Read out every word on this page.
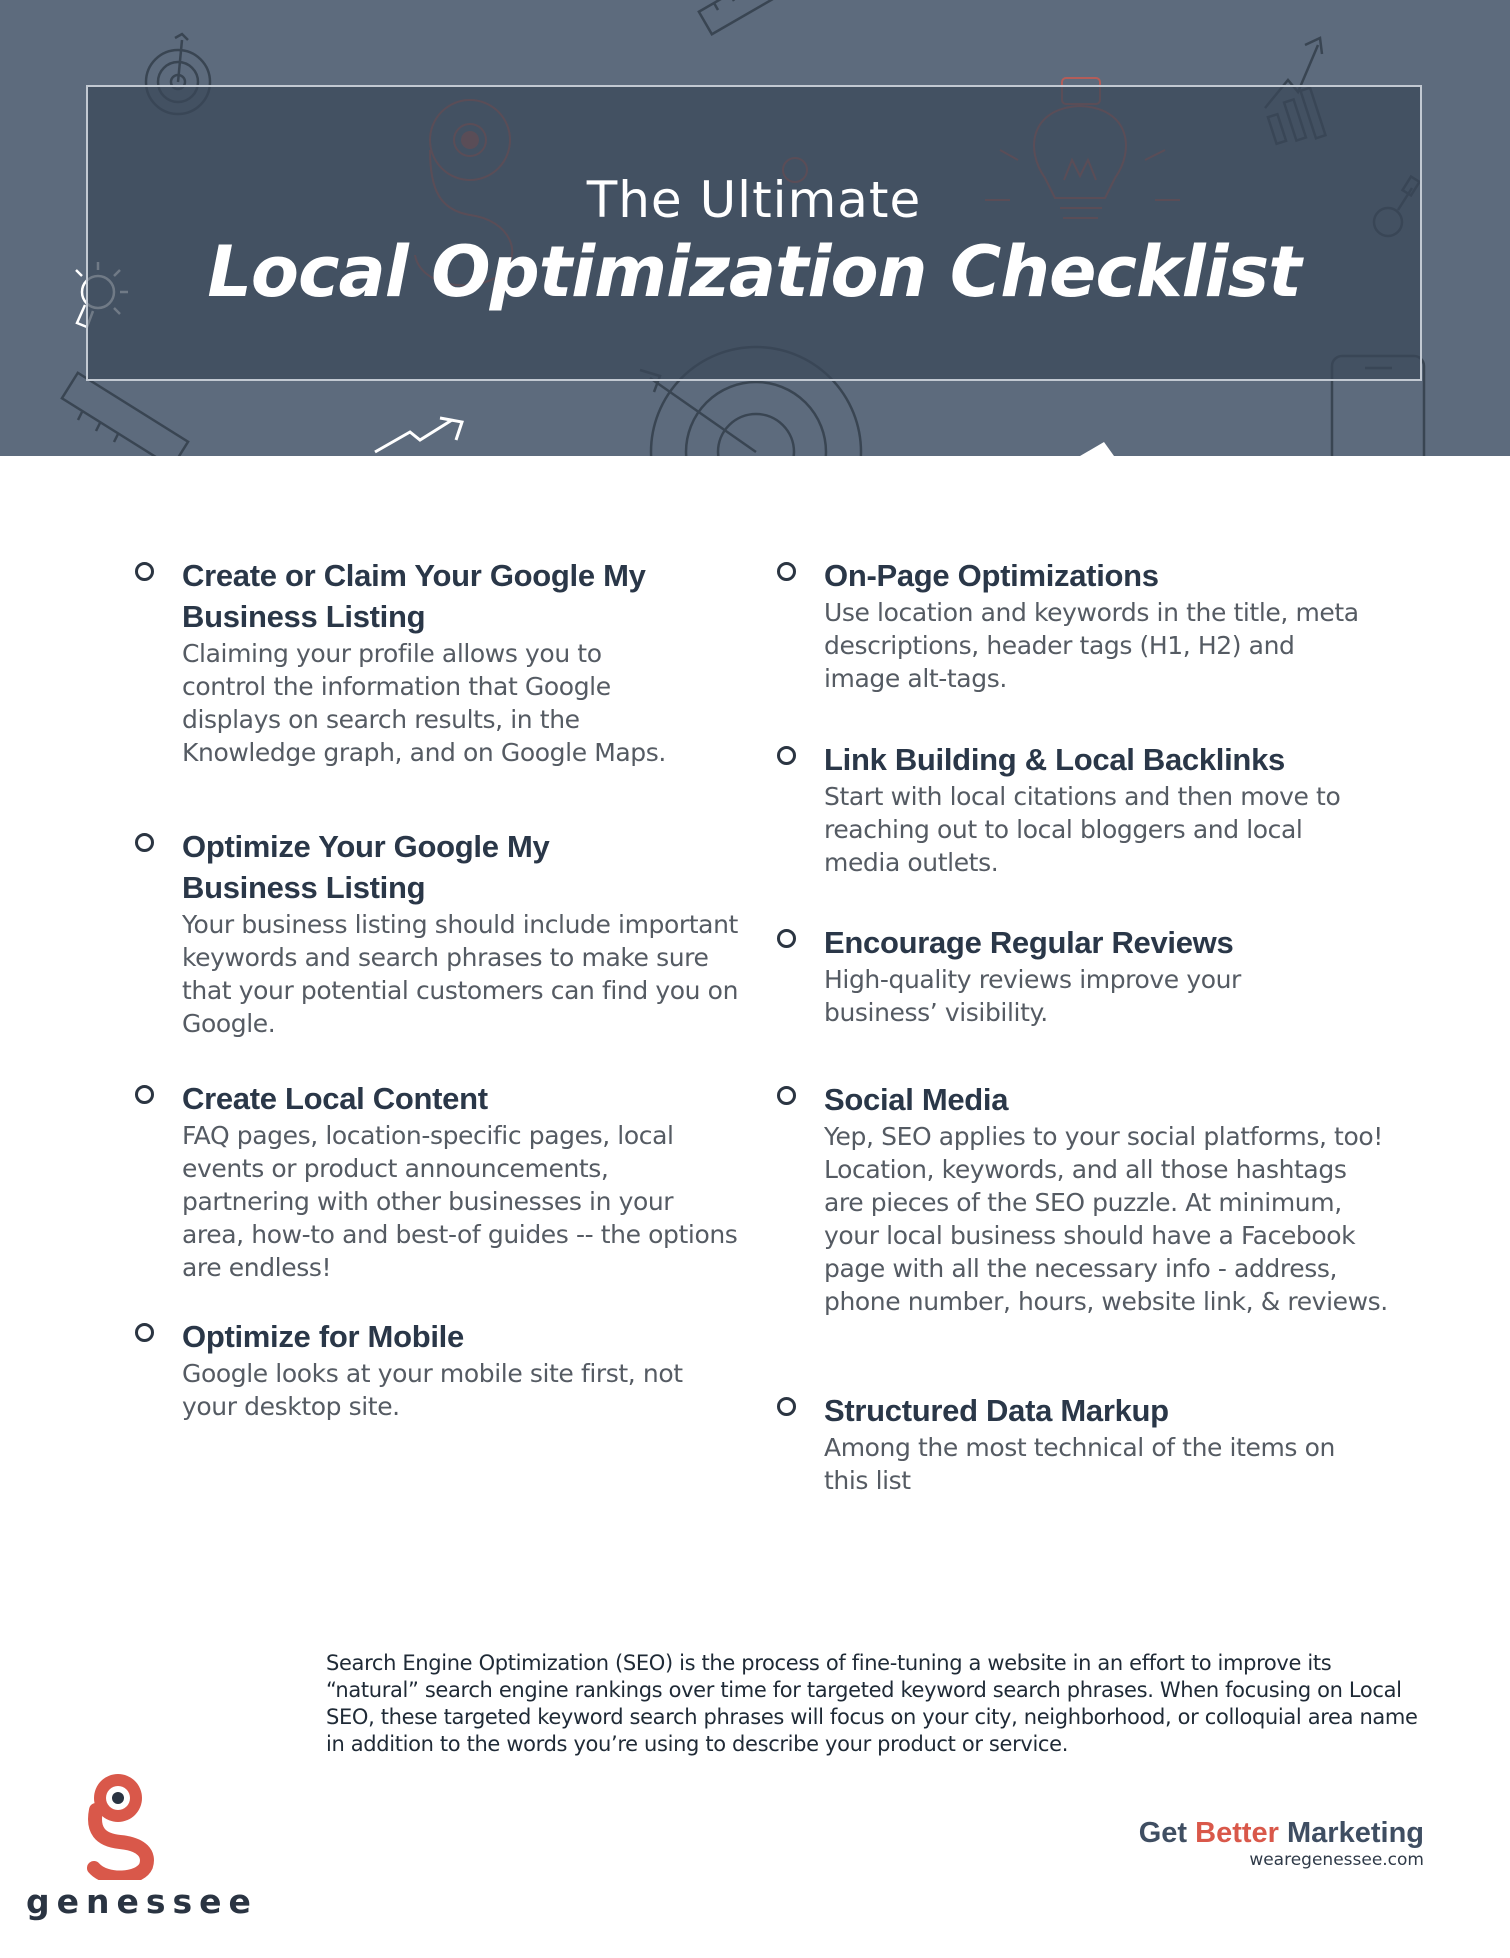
The Ultimate
Local Optimization Checklist
Create or Claim Your Google My Business Listing
Claiming your profile allows you to control the information that Google displays on search results, in the Knowledge graph, and on Google Maps.
Optimize Your Google My Business Listing
Your business listing should include important keywords and search phrases to make sure that your potential customers can find you on Google.
Create Local Content
FAQ pages, location-specific pages, local events or product announcements, partnering with other businesses in your area, how-to and best-of guides -- the options are endless!
Optimize for Mobile
Google looks at your mobile site first, not your desktop site.
On-Page Optimizations
Use location and keywords in the title, meta descriptions, header tags (H1, H2) and image alt-tags.
Link Building & Local Backlinks
Start with local citations and then move to reaching out to local bloggers and local media outlets.
Encourage Regular Reviews
High-quality reviews improve your business’ visibility.
Social Media
Yep, SEO applies to your social platforms, too! Location, keywords, and all those hashtags are pieces of the SEO puzzle. At minimum, your local business should have a Facebook page with all the necessary info - address, phone number, hours, website link, & reviews.
Structured Data Markup
Among the most technical of the items on this list
Search Engine Optimization (SEO) is the process of fine-tuning a website in an effort to improve its “natural” search engine rankings over time for targeted keyword search phrases. When focusing on Local SEO, these targeted keyword search phrases will focus on your city, neighborhood, or colloquial area name in addition to the words you’re using to describe your product or service.
genessee
Get Better Marketing
wearegenessee.com
